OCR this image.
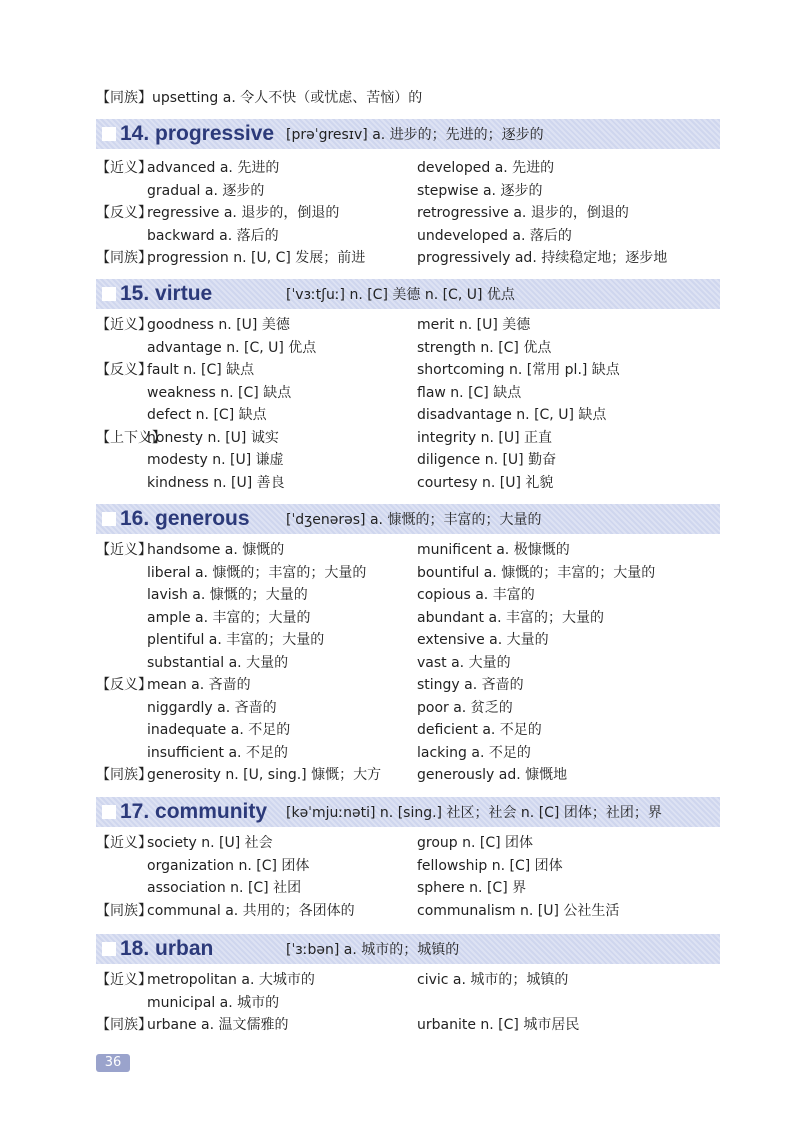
【同族】upsetting a. 令人不快（或忧虑、苦恼）的
14. progressive [prəˈgresɪv] a. 进步的；先进的；逐步的
【近义】
advanced a. 先进的	developed a. 先进的
gradual a. 逐步的	stepwise a. 逐步的
【反义】
regressive a. 退步的，倒退的	retrogressive a. 退步的，倒退的
backward a. 落后的	undeveloped a. 落后的
【同族】
progression n. [U, C] 发展；前进	progressively ad. 持续稳定地；逐步地
15. virtue	[ˈvɜːtʃuː] n. [C] 美德 n. [C, U] 优点
【近义】
goodness n. [U] 美德	merit n. [U] 美德
advantage n. [C, U] 优点	strength n. [C] 优点
【反义】
fault n. [C] 缺点	shortcoming n. [常用 pl.] 缺点
weakness n. [C] 缺点	flaw n. [C] 缺点
defect n. [C] 缺点	disadvantage n. [C, U] 缺点
【上下义】
honesty n. [U] 诚实	integrity n. [U] 正直
modesty n. [U] 谦虚	diligence n. [U] 勤奋
kindness n. [U] 善良	courtesy n. [U] 礼貌
16. generous	[ˈdʒenərəs] a. 慷慨的；丰富的；大量的
【近义】
handsome a. 慷慨的	munificent a. 极慷慨的
liberal a. 慷慨的；丰富的；大量的	bountiful a. 慷慨的；丰富的；大量的
lavish a. 慷慨的；大量的	copious a. 丰富的
ample a. 丰富的；大量的	abundant a. 丰富的；大量的
plentiful a. 丰富的；大量的	extensive a. 大量的
substantial a. 大量的	vast a. 大量的
【反义】
mean a. 吝啬的	stingy a. 吝啬的
niggardly a. 吝啬的	poor a. 贫乏的
inadequate a. 不足的	deficient a. 不足的
insufficient a. 不足的	lacking a. 不足的
【同族】
generosity n. [U, sing.] 慷慨；大方	generously ad. 慷慨地
17. community [kəˈmjuːnəti] n. [sing.] 社区；社会 n. [C] 团体；社团；界
【近义】
society n. [U] 社会	group n. [C] 团体
organization n. [C] 团体	fellowship n. [C] 团体
association n. [C] 社团	sphere n. [C] 界
【同族】
communal a. 共用的；各团体的	communalism n. [U] 公社生活
18. urban	[ˈɜːbən] a. 城市的；城镇的
【近义】
metropolitan a. 大城市的	civic a. 城市的；城镇的
municipal a. 城市的
【同族】
urbane a. 温文儒雅的	urbanite n. [C] 城市居民
36
